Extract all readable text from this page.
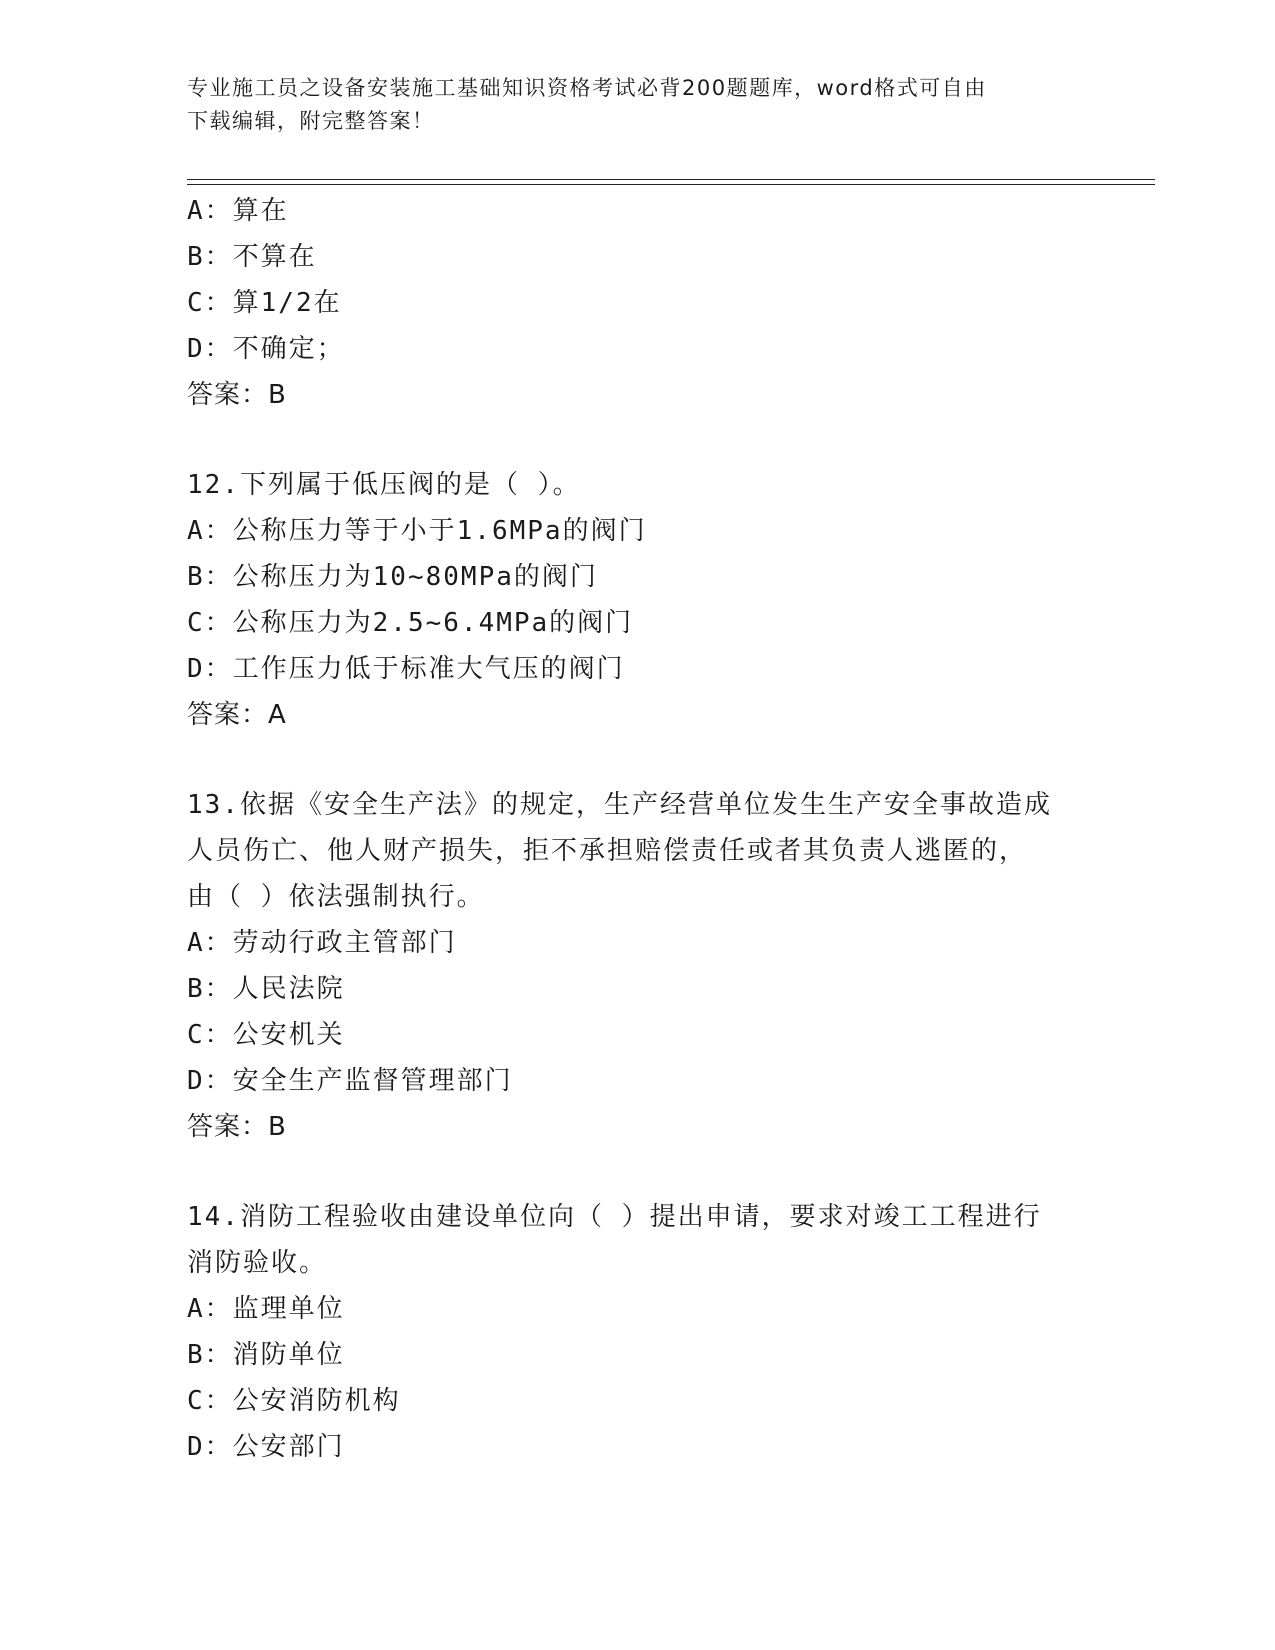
专业施工员之设备安装施工基础知识资格考试必背200题题库，word格式可自由
下载编辑，附完整答案！
A：算在
B：不算在
C：算1/2在
D：不确定；
答案：B
12.下列属于低压阀的是（ ）。
A：公称压力等于小于1.6MPa的阀门
B：公称压力为10~80MPa的阀门
C：公称压力为2.5~6.4MPa的阀门
D：工作压力低于标准大气压的阀门
答案：A
13.依据《安全生产法》的规定，生产经营单位发生生产安全事故造成
人员伤亡、他人财产损失，拒不承担赔偿责任或者其负责人逃匿的，
由（ ）依法强制执行。
A：劳动行政主管部门
B：人民法院
C：公安机关
D：安全生产监督管理部门
答案：B
14.消防工程验收由建设单位向（ ）提出申请，要求对竣工工程进行
消防验收。
A：监理单位
B：消防单位
C：公安消防机构
D：公安部门
